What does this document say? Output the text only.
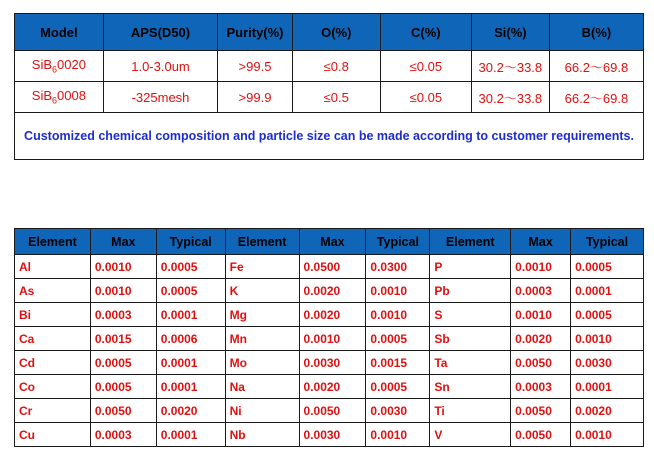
Model	APS(D50)	Purity(%)	O(%)	C(%)	Si(%)	B(%)
SiB$_6$0020	1.0-3.0um	>99.5	≤0.8	≤0.05	30.2～33.8	66.2～69.8
SiB$_6$0008	-325mesh	>99.9	≤0.5	≤0.05	30.2～33.8	66.2～69.8
Customized chemical composition and particle size can be made according to customer requirements.						
Element	Max	Typical	Element	Max	Typical	Element	Max	Typical
Al	0.0010	0.0005	Fe	0.0500	0.0300	P	0.0010	0.0005
As	0.0010	0.0005	K	0.0020	0.0010	Pb	0.0003	0.0001
Bi	0.0003	0.0001	Mg	0.0020	0.0010	S	0.0010	0.0005
Ca	0.0015	0.0006	Mn	0.0010	0.0005	Sb	0.0020	0.0010
Cd	0.0005	0.0001	Mo	0.0030	0.0015	Ta	0.0050	0.0030
Co	0.0005	0.0001	Na	0.0020	0.0005	Sn	0.0003	0.0001
Cr	0.0050	0.0020	Ni	0.0050	0.0030	Ti	0.0050	0.0020
Cu	0.0003	0.0001	Nb	0.0030	0.0010	V	0.0050	0.0010
